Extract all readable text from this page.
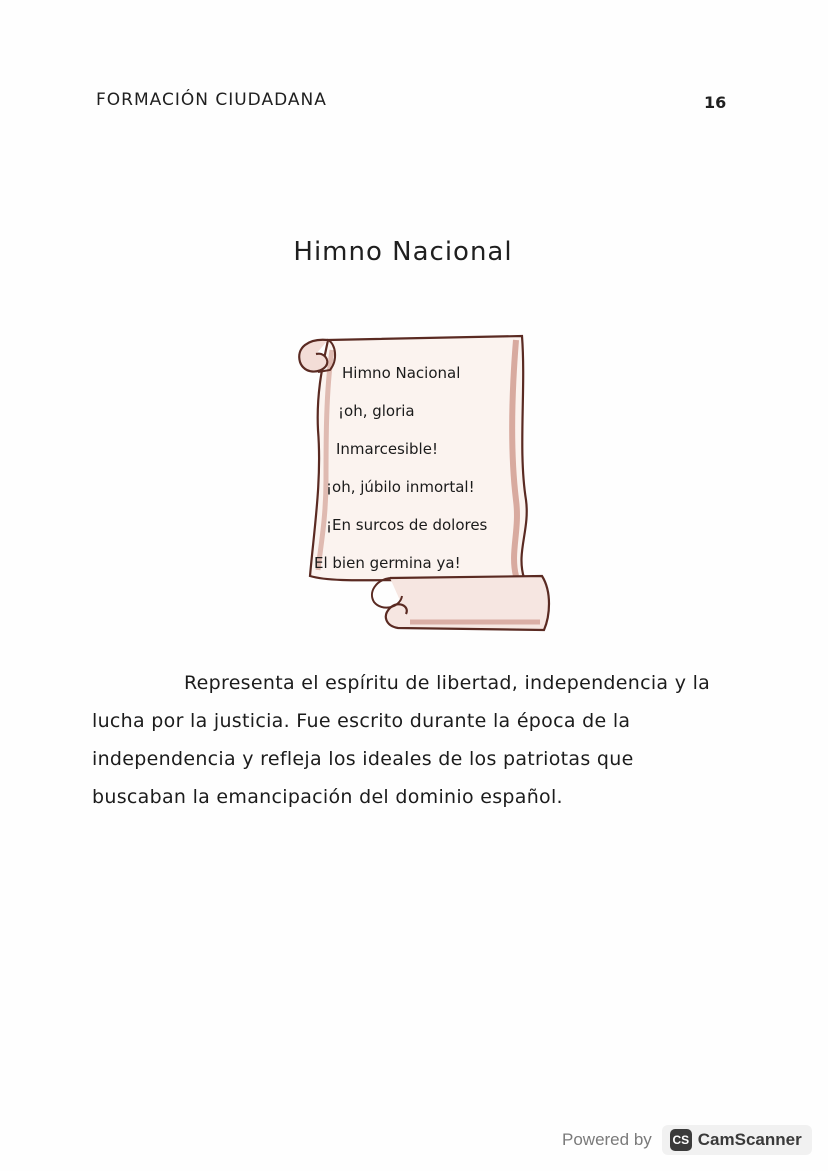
FORMACIÓN CIUDADANA	16
Himno Nacional
Himno Nacional
¡oh, gloria
Inmarcesible!
¡oh, júbilo inmortal!
¡En surcos de dolores
El bien germina ya!
Representa el espíritu de libertad, independencia y la lucha por la justicia. Fue escrito durante la época de la independencia y refleja los ideales de los patriotas que buscaban la emancipación del dominio español.
Powered by CS CamScanner
